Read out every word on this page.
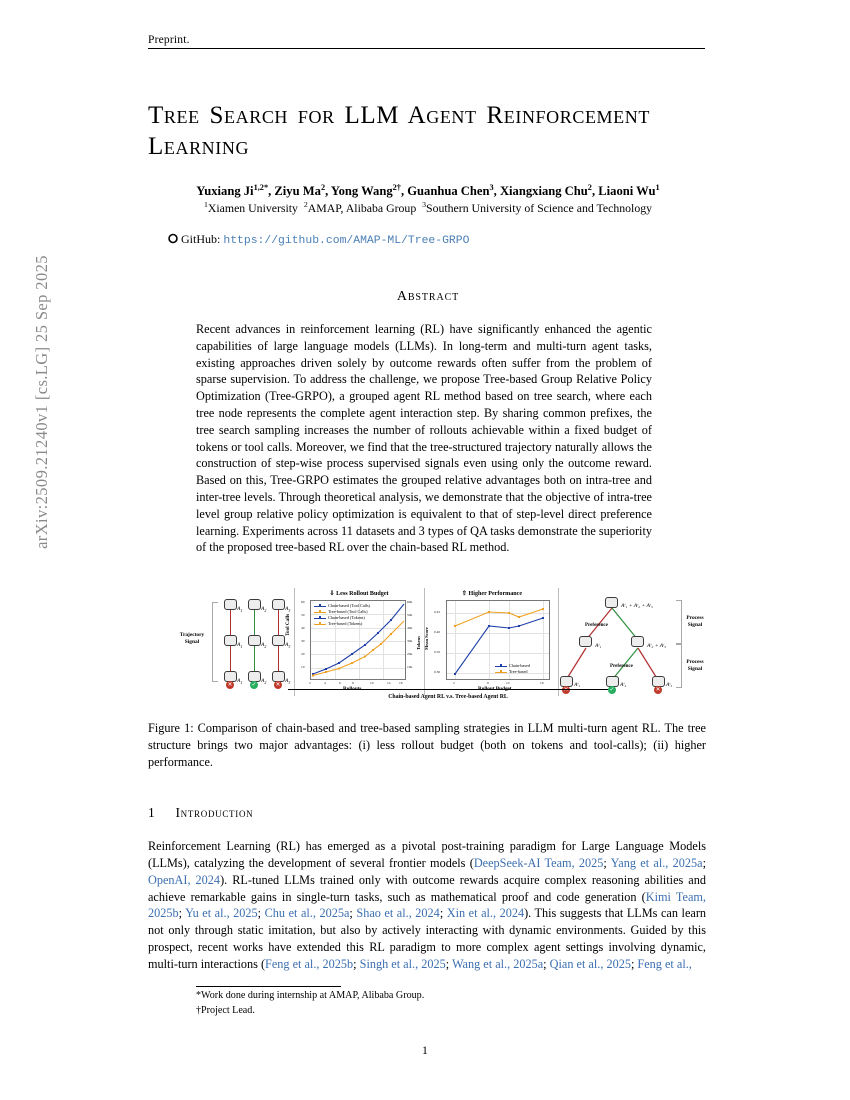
arXiv:2509.21240v1 [cs.LG] 25 Sep 2025
Preprint.
Tree Search for LLM Agent Reinforcement Learning
Yuxiang $Ji^{1,2*}$, Ziyu Ma$^2$, Yong Wang$^{2\dagger}$, Guanhua Chen$^3$, Xiangxiang Chu$^2$, Liaoni Wu$^1$
$^1$Xiamen University  $^2$AMAP, Alibaba Group  $^3$Southern University of Science and Technology
⭘ GitHub: https://github.com/AMAP-ML/Tree-GRPO
Abstract
Recent advances in reinforcement learning (RL) have significantly enhanced the agentic capabilities of large language models (LLMs). In long-term and multi-turn agent tasks, existing approaches driven solely by outcome rewards often suffer from the problem of sparse supervision. To address the challenge, we propose Tree-based Group Relative Policy Optimization (Tree-GRPO), a grouped agent RL method based on tree search, where each tree node represents the complete agent interaction step. By sharing common prefixes, the tree search sampling increases the number of rollouts achievable within a fixed budget of tokens or tool calls. Moreover, we find that the tree-structured trajectory naturally allows the construction of step-wise process supervised signals even using only the outcome reward. Based on this, Tree-GRPO estimates the grouped relative advantages both on intra-tree and inter-tree levels. Through theoretical analysis, we demonstrate that the objective of intra-tree level group relative policy optimization is equivalent to that of step-level direct preference learning. Experiments across 11 datasets and 3 types of QA tasks demonstrate the superiority of the proposed tree-based RL over the chain-based RL method.
Trajectory
Signal
$A_1$
$A_1$
$A_1$
✕
$A_2$
$A_2$
$A_2$
✓
$A_3$
$A_3$
$A_3$
✕
⇩ Less Rollout Budget
Chain-based (Tool Calls)
Tree-based (Tool Calls)
Chain-based (Tokens)
Tree-based (Tokens)
Rollouts
Tool Calls
Tokens
2	4	6	8	10	14 16
60
50
40
30
20
10
60k
50k
40k
30k
20k
10k
⇧ Higher Performance
Chain-based
Tree-based
Rollout Budget
Mean Score
2	8	10	16
0.45
0.40
0.35
0.30
Aᵗ₁ + Aᵗ₂ + Aᵗ₃
Preference
Aᵗ₁	Aᵗ₂ + Aᵗ₃
Preference
Aᵗ₁
✕
Aᵗ₂
✓
Aᵗ₃
✕
Process
Signal
Process
Signal
Chain-based Agent RL v.s. Tree-based Agent RL
Figure 1: Comparison of chain-based and tree-based sampling strategies in LLM multi-turn agent RL. The tree structure brings two major advantages: (i) less rollout budget (both on tokens and tool-calls); (ii) higher performance.
1 Introduction
Reinforcement Learning (RL) has emerged as a pivotal post-training paradigm for Large Language Models (LLMs), catalyzing the development of several frontier models (DeepSeek-AI Team, 2025; Yang et al., 2025a; OpenAI, 2024). RL-tuned LLMs trained only with outcome rewards acquire complex reasoning abilities and achieve remarkable gains in single-turn tasks, such as mathematical proof and code generation (Kimi Team, 2025b; Yu et al., 2025; Chu et al., 2025a; Shao et al., 2024; Xin et al., 2024). This suggests that LLMs can learn not only through static imitation, but also by actively interacting with dynamic environments. Guided by this prospect, recent works have extended this RL paradigm to more complex agent settings involving dynamic, multi-turn interactions (Feng et al., 2025b; Singh et al., 2025; Wang et al., 2025a; Qian et al., 2025; Feng et al.,
*Work done during internship at AMAP, Alibaba Group.
†Project Lead.
1
